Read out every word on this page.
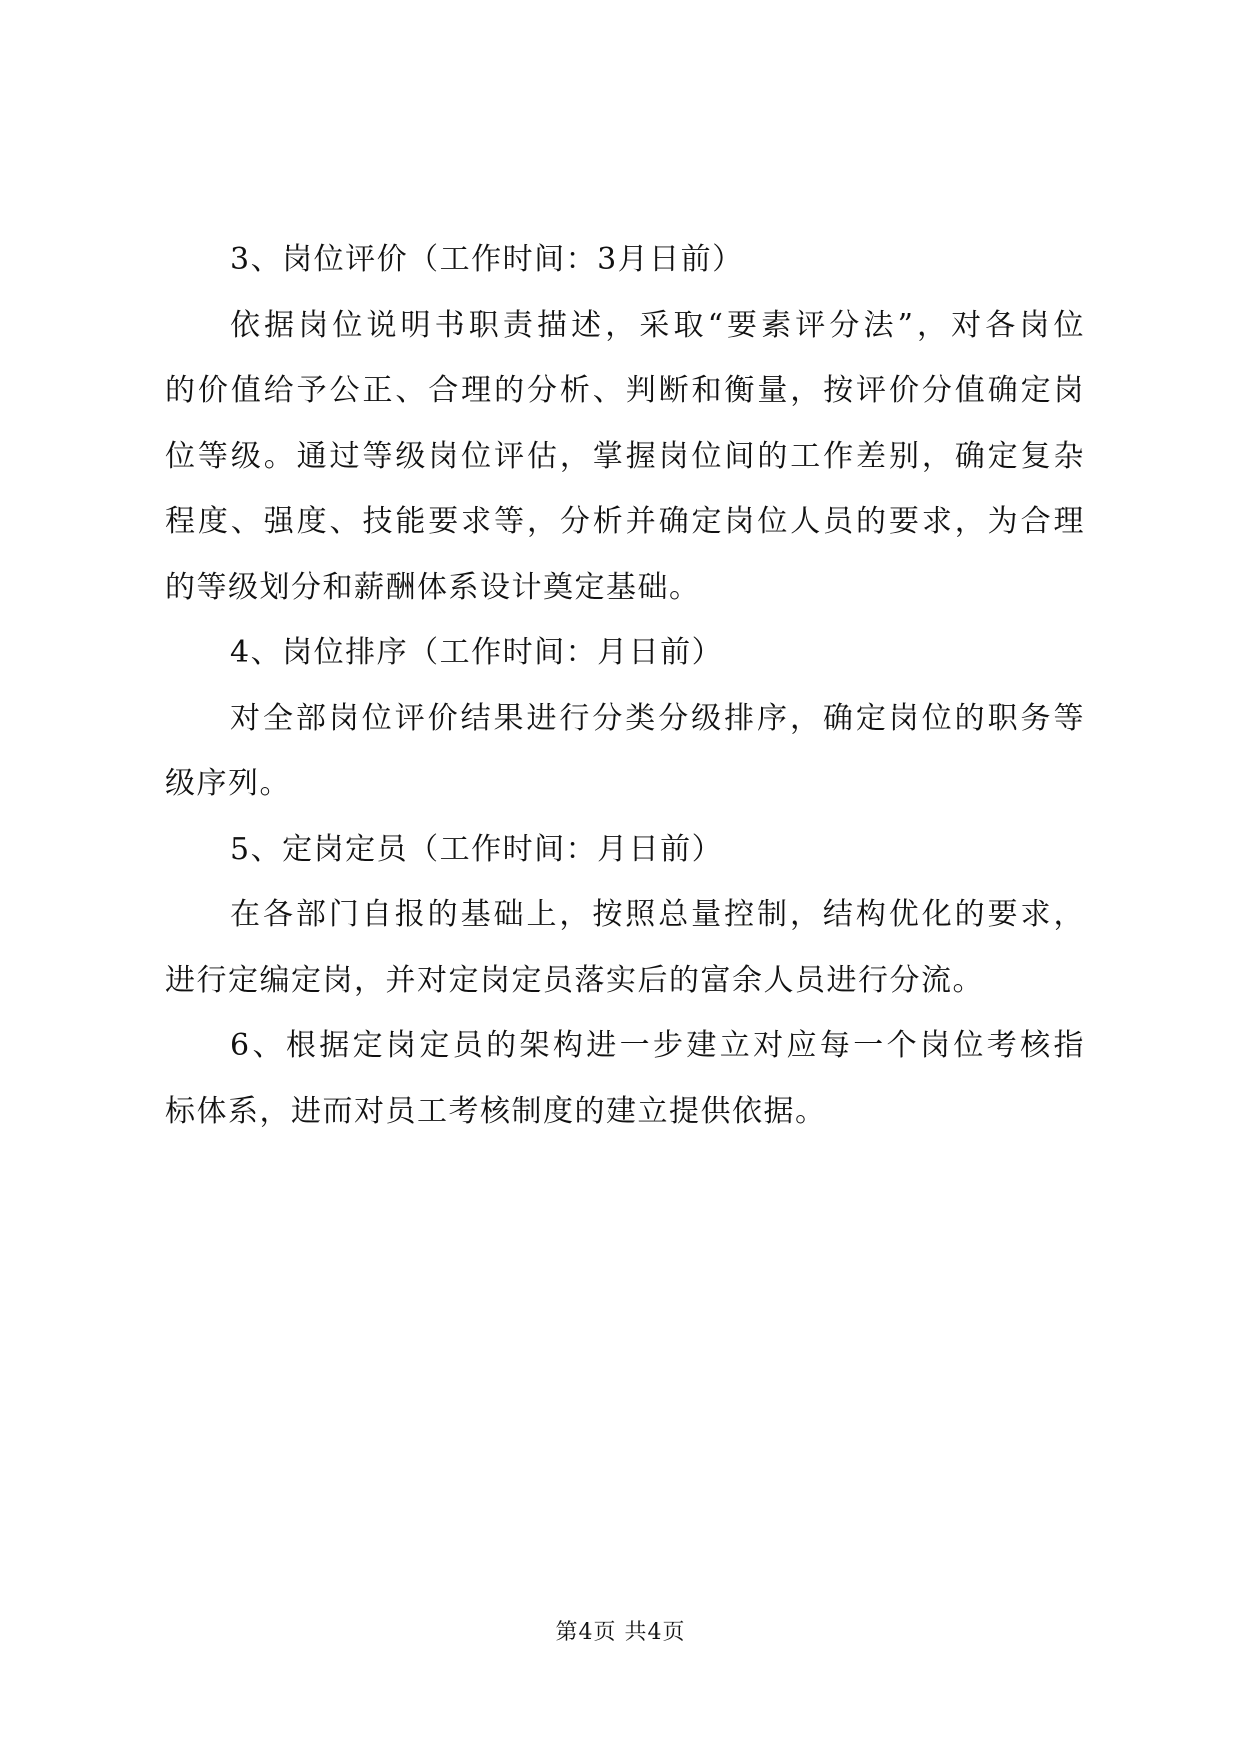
3、岗位评价（工作时间：3月日前）
依据岗位说明书职责描述，采取“要素评分法”，对各岗位
的价值给予公正、合理的分析、判断和衡量，按评价分值确定岗
位等级。通过等级岗位评估，掌握岗位间的工作差别，确定复杂
程度、强度、技能要求等，分析并确定岗位人员的要求，为合理
的等级划分和薪酬体系设计奠定基础。
4、岗位排序（工作时间：月日前）
对全部岗位评价结果进行分类分级排序，确定岗位的职务等
级序列。
5、定岗定员（工作时间：月日前）
在各部门自报的基础上，按照总量控制，结构优化的要求，
进行定编定岗，并对定岗定员落实后的富余人员进行分流。
6、根据定岗定员的架构进一步建立对应每一个岗位考核指
标体系，进而对员工考核制度的建立提供依据。
第4页 共4页
